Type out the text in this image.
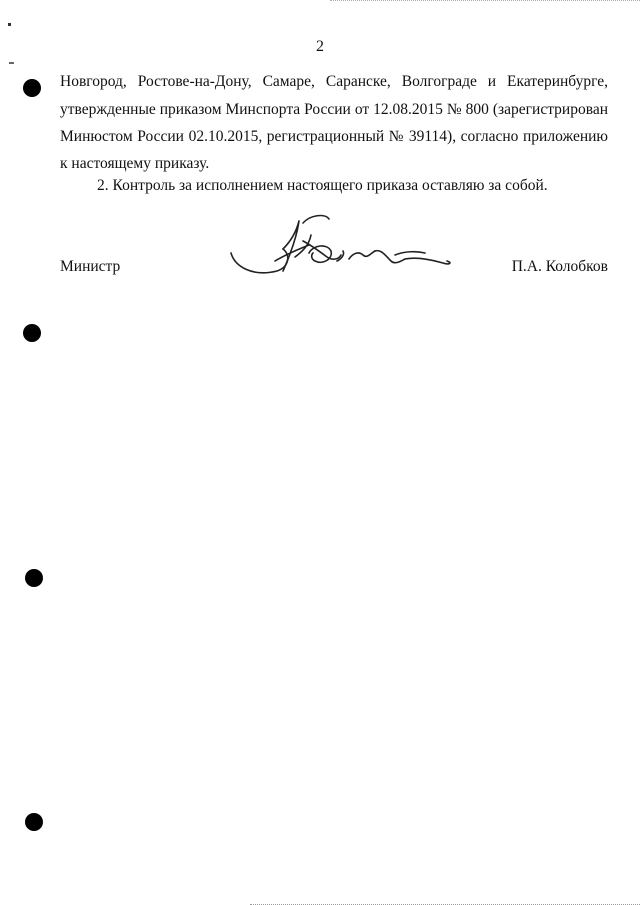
2
Новгород, Ростове-на-Дону, Самаре, Саранске, Волгограде и Екатеринбурге,
утвержденные приказом Минспорта России от 12.08.2015 № 800 (зарегистрирован
Минюстом России 02.10.2015, регистрационный № 39114), согласно приложению
к настоящему приказу.
2. Контроль за исполнением настоящего приказа оставляю за собой.
Министр	П.А. Колобков
